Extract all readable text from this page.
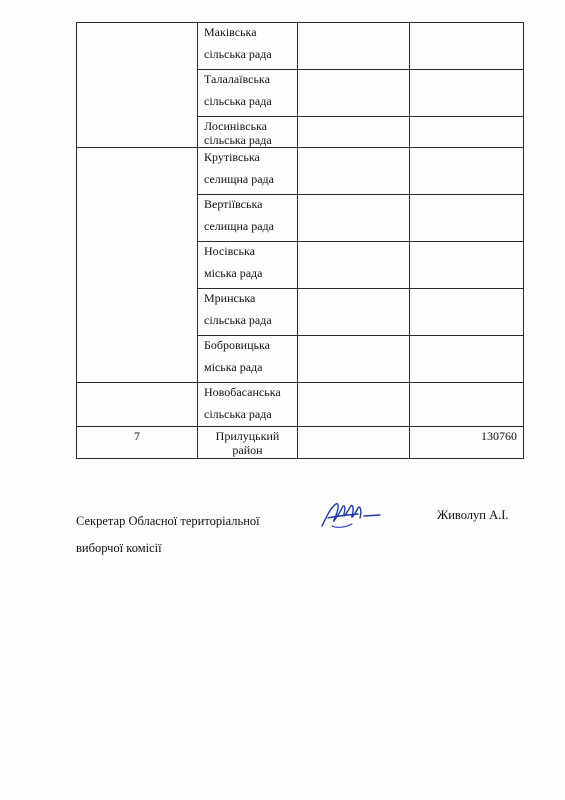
	Маківська
сільська рада		

	Талалаївська
сільська рада		

	Лосинівська
сільська рада		

	Крутівська
селищна рада		

	Вертіївська
селищна рада		

	Носівська
міська рада		

	Мринська
сільська рада		

	Бобровицька
міська рада		

	Новобасанська
сільська рада		

7	Прилуцький
район		130760
Секретар Обласної територіальної
виборчої комісії
Живолуп А.І.
